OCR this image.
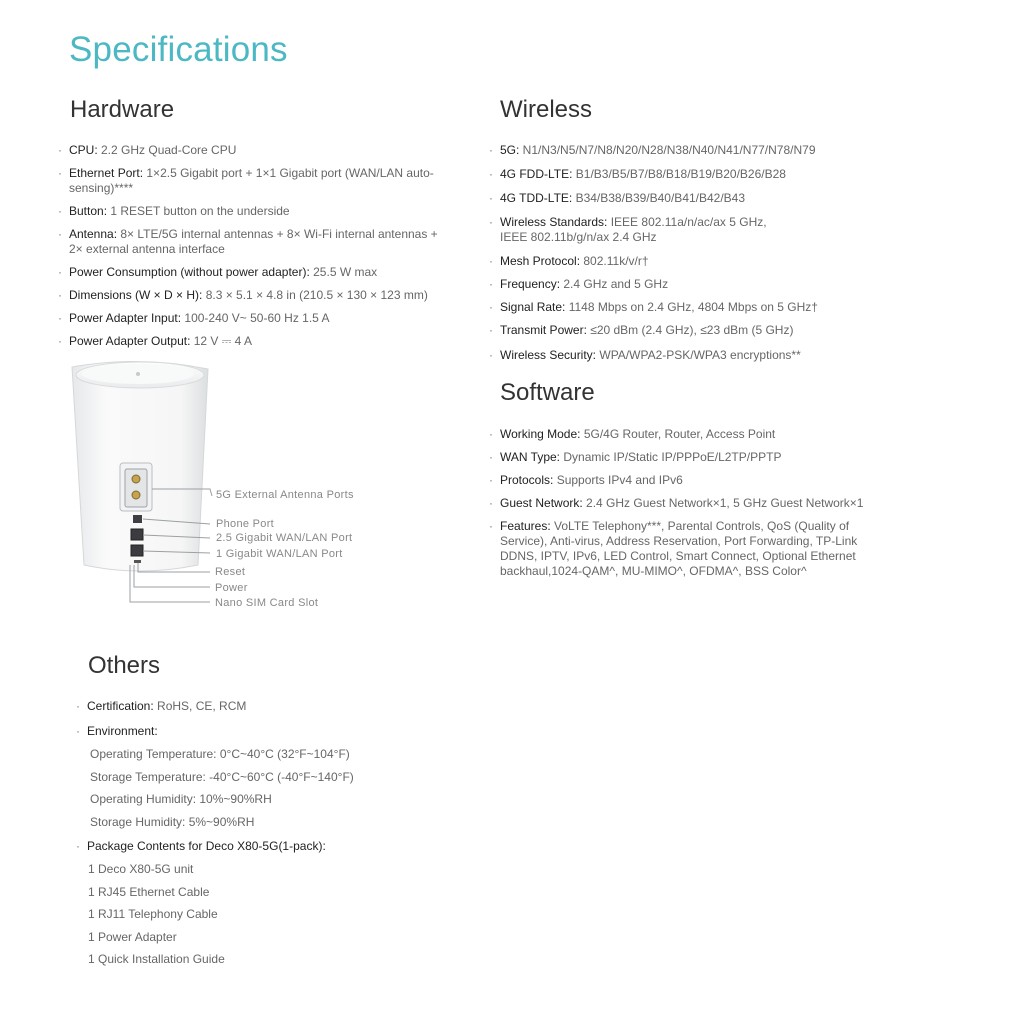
Specifications
Hardware
· CPU: 2.2 GHz Quad-Core CPU
· Ethernet Port: 1×2.5 Gigabit port + 1×1 Gigabit port (WAN/LAN auto-sensing)****
· Button: 1 RESET button on the underside
· Antenna: 8× LTE/5G internal antennas + 8× Wi-Fi internal antennas + 2× external antenna interface
· Power Consumption (without power adapter): 25.5 W max
· Dimensions (W × D × H): 8.3 × 5.1 × 4.8 in (210.5 × 130 × 123 mm)
· Power Adapter Input: 100-240 V~ 50-60 Hz 1.5 A
· Power Adapter Output: 12 V ⎓ 4 A
5G External Antenna Ports
Phone Port
2.5 Gigabit WAN/LAN Port
1 Gigabit WAN/LAN Port
Reset
Power
Nano SIM Card Slot
Wireless
· 5G: N1/N3/N5/N7/N8/N20/N28/N38/N40/N41/N77/N78/N79
· 4G FDD-LTE: B1/B3/B5/B7/B8/B18/B19/B20/B26/B28
· 4G TDD-LTE: B34/B38/B39/B40/B41/B42/B43
· Wireless Standards: IEEE 802.11a/n/ac/ax 5 GHz, IEEE 802.11b/g/n/ax 2.4 GHz
· Mesh Protocol: 802.11k/v/r†
· Frequency: 2.4 GHz and 5 GHz
· Signal Rate: 1148 Mbps on 2.4 GHz, 4804 Mbps on 5 GHz†
· Transmit Power: ≤20 dBm (2.4 GHz), ≤23 dBm (5 GHz)
· Wireless Security: WPA/WPA2-PSK/WPA3 encryptions**
Software
· Working Mode: 5G/4G Router, Router, Access Point
· WAN Type: Dynamic IP/Static IP/PPPoE/L2TP/PPTP
· Protocols: Supports IPv4 and IPv6
· Guest Network: 2.4 GHz Guest Network×1, 5 GHz Guest Network×1
· Features: VoLTE Telephony***, Parental Controls, QoS (Quality of Service), Anti-virus, Address Reservation, Port Forwarding, TP-Link DDNS, IPTV, IPv6, LED Control, Smart Connect, Optional Ethernet backhaul,1024-QAM^, MU-MIMO^, OFDMA^, BSS Color^
Others
· Certification: RoHS, CE, RCM
· Environment:
Operating Temperature: 0°C~40°C (32°F~104°F)
Storage Temperature: -40°C~60°C (-40°F~140°F)
Operating Humidity: 10%~90%RH
Storage Humidity: 5%~90%RH
· Package Contents for Deco X80-5G(1-pack):
1 Deco X80-5G unit
1 RJ45 Ethernet Cable
1 RJ11 Telephony Cable
1 Power Adapter
1 Quick Installation Guide
